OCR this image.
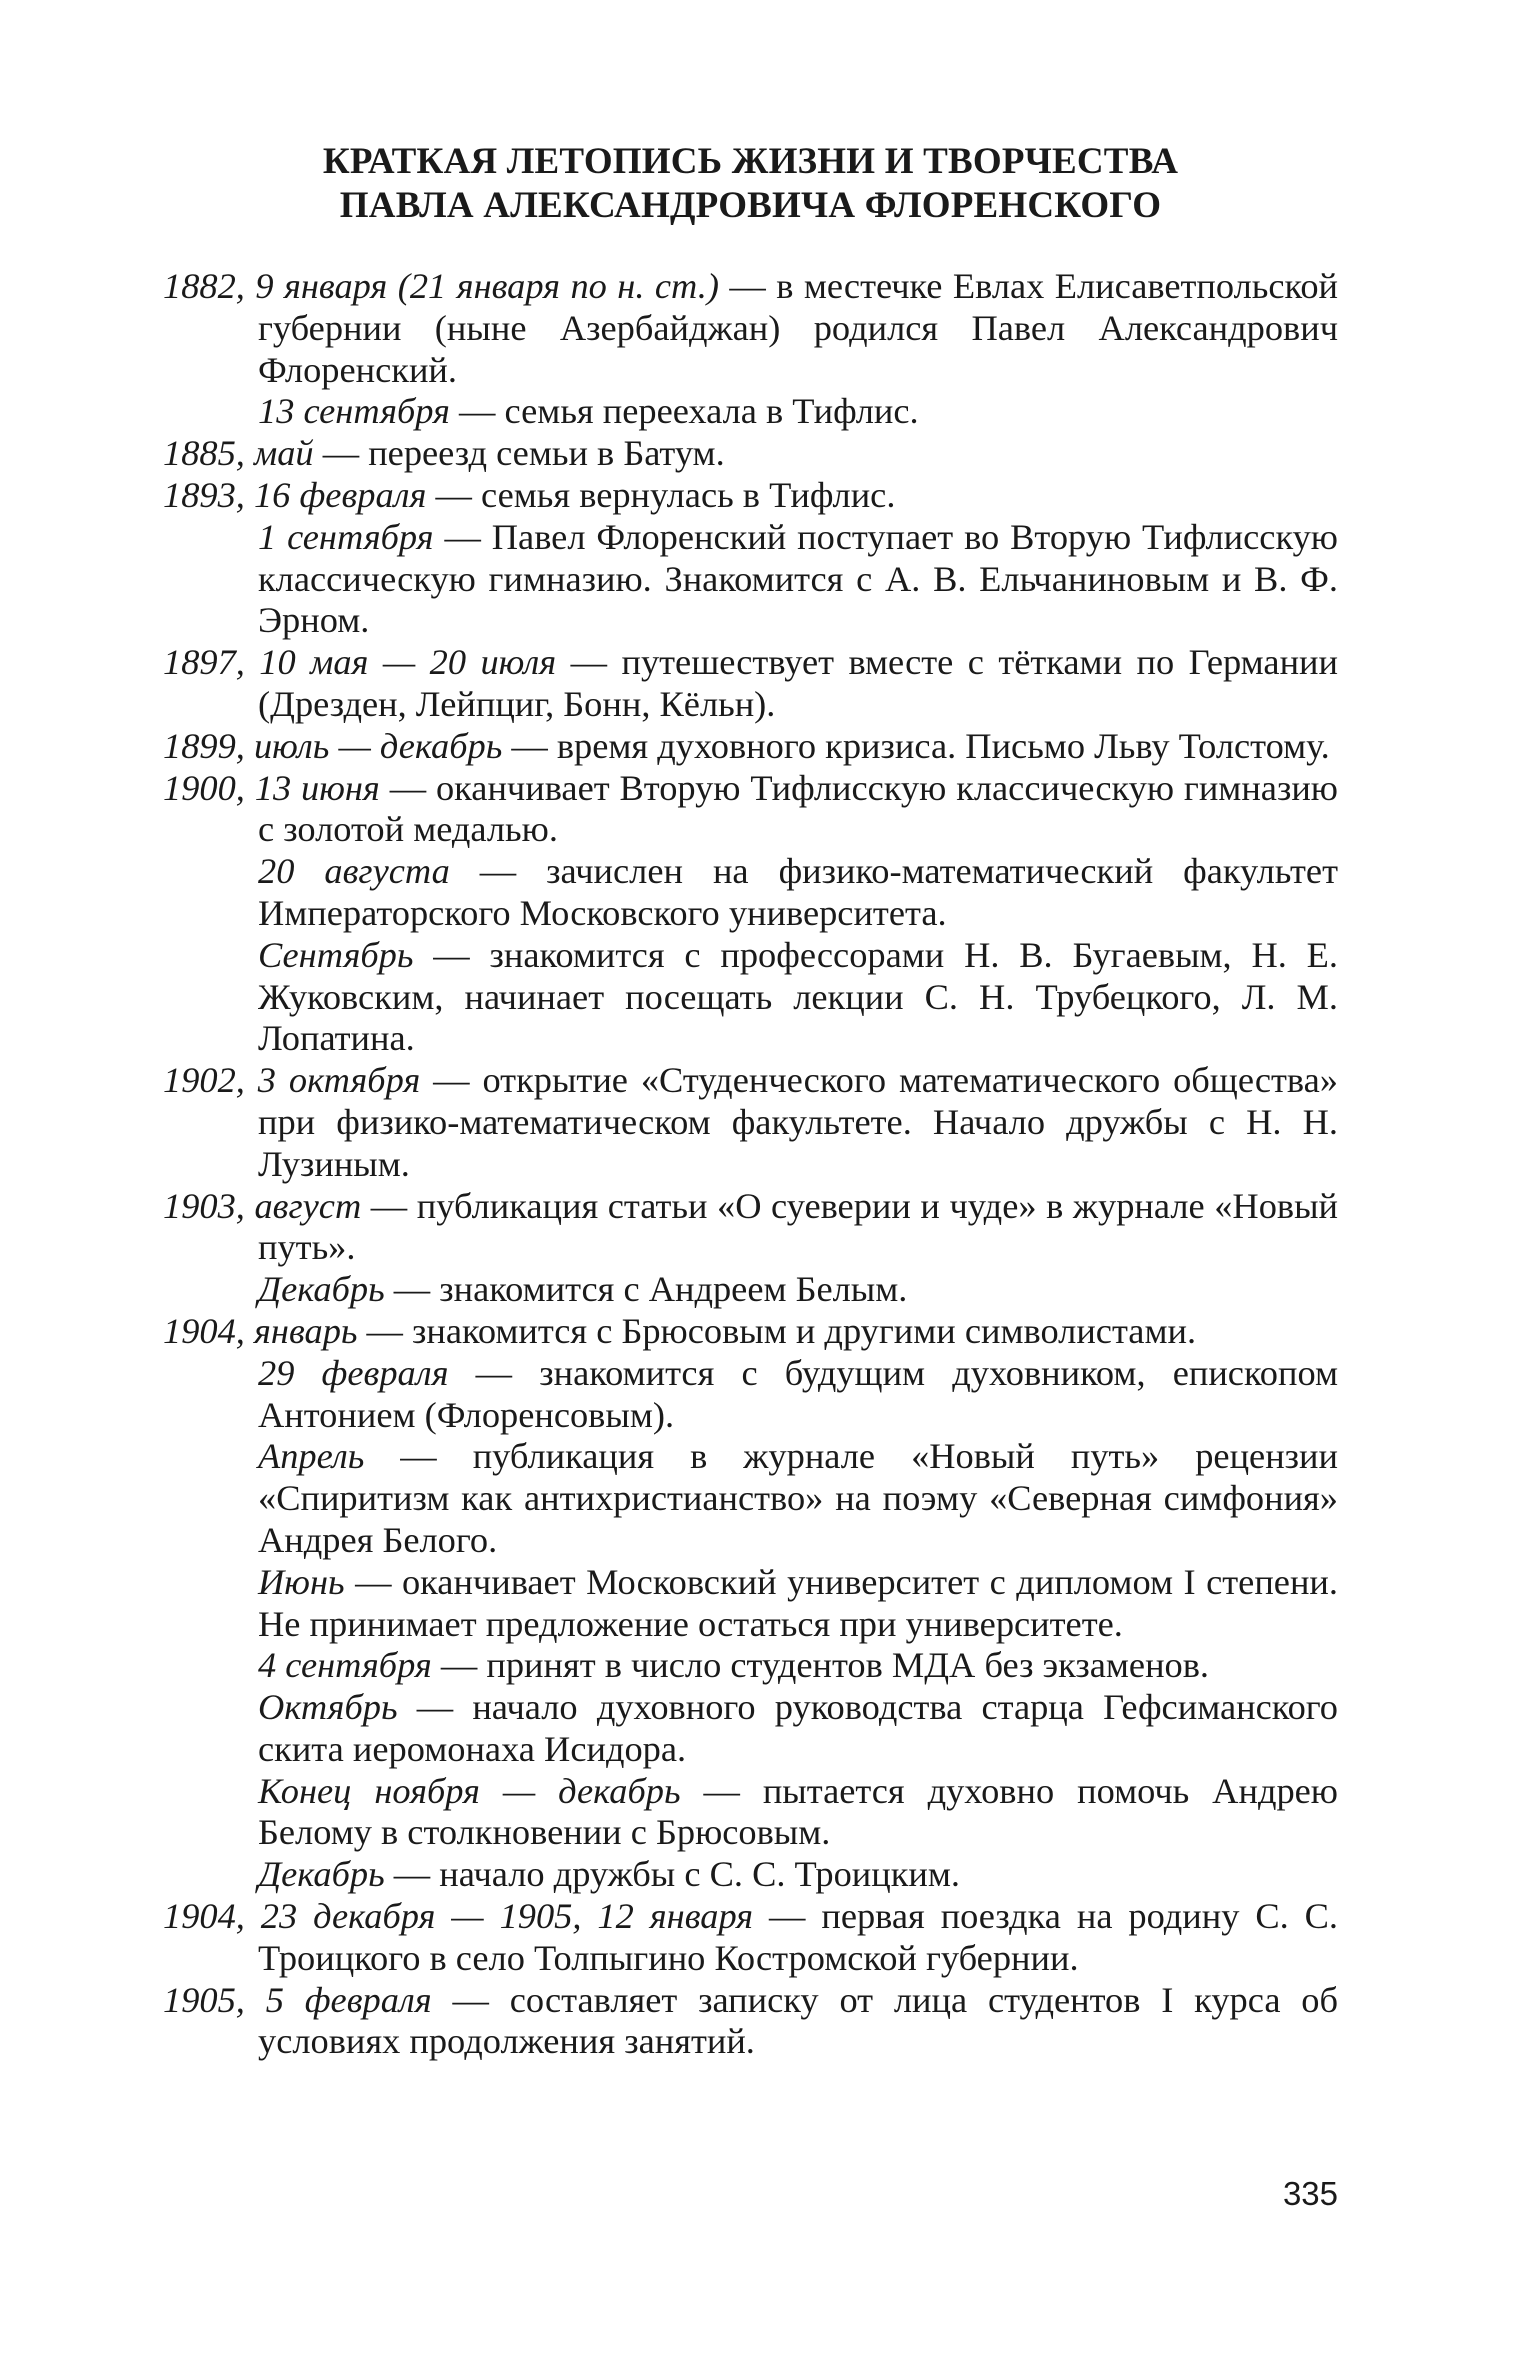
КРАТКАЯ ЛЕТОПИСЬ ЖИЗНИ И ТВОРЧЕСТВА
ПАВЛА АЛЕКСАНДРОВИЧА ФЛОРЕНСКОГО
1882, 9 января (21 января по н. ст.) — в местечке Евлах Елисаветпольской губернии (ныне Азербайджан) родился Павел Александрович Флоренский.
13 сентября — семья переехала в Тифлис.
1885, май — переезд семьи в Батум.
1893, 16 февраля — семья вернулась в Тифлис.
1 сентября — Павел Флоренский поступает во Вторую Тифлисскую классическую гимназию. Знакомится с А. В. Ельчаниновым и В. Ф. Эрном.
1897, 10 мая — 20 июля — путешествует вместе с тётками по Германии (Дрезден, Лейпциг, Бонн, Кёльн).
1899, июль — декабрь — время духовного кризиса. Письмо Льву Толстому.
1900, 13 июня — оканчивает Вторую Тифлисскую классическую гимназию с золотой медалью.
20 августа — зачислен на физико-математический факультет Императорского Московского университета.
Сентябрь — знакомится с профессорами Н. В. Бугаевым, Н. Е. Жуковским, начинает посещать лекции С. Н. Трубецкого, Л. М. Лопатина.
1902, 3 октября — открытие «Студенческого математического общества» при физико-математическом факультете. Начало дружбы с Н. Н. Лузиным.
1903, август — публикация статьи «О суеверии и чуде» в журнале «Новый путь».
Декабрь — знакомится с Андреем Белым.
1904, январь — знакомится с Брюсовым и другими символистами.
29 февраля — знакомится с будущим духовником, епископом Антонием (Флоренсовым).
Апрель — публикация в журнале «Новый путь» рецензии «Спиритизм как антихристианство» на поэму «Северная симфония» Андрея Белого.
Июнь — оканчивает Московский университет с дипломом I степени. Не принимает предложение остаться при университете.
4 сентября — принят в число студентов МДА без экзаменов.
Октябрь — начало духовного руководства старца Гефсиманского скита иеромонаха Исидора.
Конец ноября — декабрь — пытается духовно помочь Андрею Белому в столкновении с Брюсовым.
Декабрь — начало дружбы с С. С. Троицким.
1904, 23 декабря — 1905, 12 января — первая поездка на родину С. С. Троицкого в село Толпыгино Костромской губернии.
1905, 5 февраля — составляет записку от лица студентов I курса об условиях продолжения занятий.
335
